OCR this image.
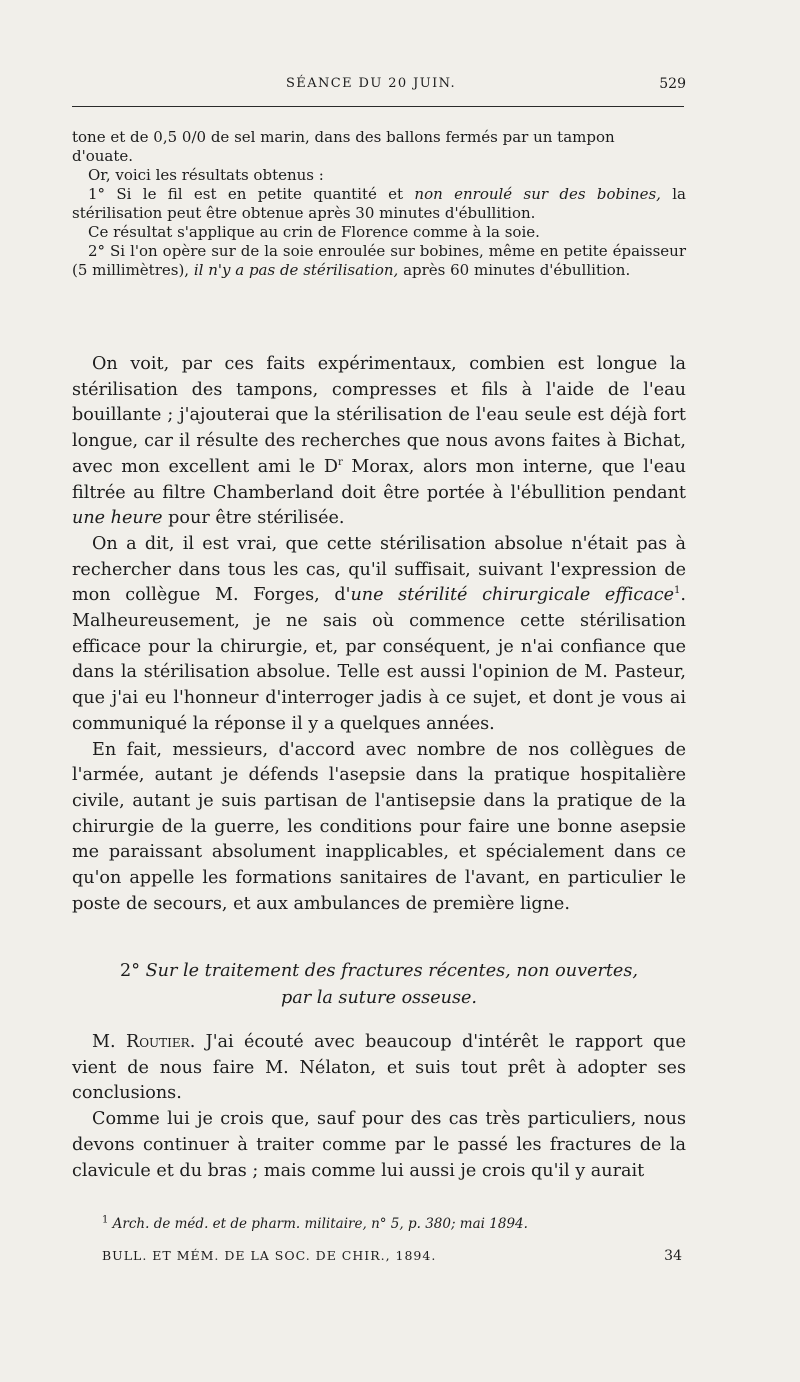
SÉANCE DU 20 JUIN.	529

tone et de 0,5 0/0 de sel marin, dans des ballons fermés par un tampon
d'ouate.

Or, voici les résultats obtenus :

1° Si le fil est en petite quantité et non enroulé sur des bobines, la stérilisation peut être obtenue après 30 minutes d'ébullition.

Ce résultat s'applique au crin de Florence comme à la soie.

2° Si l'on opère sur de la soie enroulée sur bobines, même en petite épaisseur (5 millimètres), il n'y a pas de stérilisation, après 60 minutes d'ébullition.

On voit, par ces faits expérimentaux, combien est longue la stérilisation des tampons, compresses et fils à l'aide de l'eau bouillante ; j'ajouterai que la stérilisation de l'eau seule est déjà fort longue, car il résulte des recherches que nous avons faites à Bichat, avec mon excellent ami le $D^r$ Morax, alors mon interne, que l'eau filtrée au filtre Chamberland doit être portée à l'ébullition pendant une heure pour être stérilisée.

On a dit, il est vrai, que cette stérilisation absolue n'était pas à rechercher dans tous les cas, qu'il suffisait, suivant l'expression de mon collègue M. Forges, d'une stérilité chirurgicale efficace$^1$. Malheureusement, je ne sais où commence cette stérilisation efficace pour la chirurgie, et, par conséquent, je n'ai confiance que dans la stérilisation absolue. Telle est aussi l'opinion de M. Pasteur, que j'ai eu l'honneur d'interroger jadis à ce sujet, et dont je vous ai communiqué la réponse il y a quelques années.

En fait, messieurs, d'accord avec nombre de nos collègues de l'armée, autant je défends l'asepsie dans la pratique hospitalière civile, autant je suis partisan de l'antisepsie dans la pratique de la chirurgie de la guerre, les conditions pour faire une bonne asepsie me paraissant absolument inapplicables, et spécialement dans ce qu'on appelle les formations sanitaires de l'avant, en particulier le poste de secours, et aux ambulances de première ligne.

2° Sur le traitement des fractures récentes, non ouvertes,
par la suture osseuse.

M. Routier. J'ai écouté avec beaucoup d'intérêt le rapport que vient de nous faire M. Nélaton, et suis tout prêt à adopter ses conclusions.

Comme lui je crois que, sauf pour des cas très particuliers, nous devons continuer à traiter comme par le passé les fractures de la clavicule et du bras ; mais comme lui aussi je crois qu'il y aurait

$^1$ Arch. de méd. et de pharm. militaire, n° 5, p. 380; mai 1894.
BULL. ET MÉM. DE LA SOC. DE CHIR., 1894.	34
